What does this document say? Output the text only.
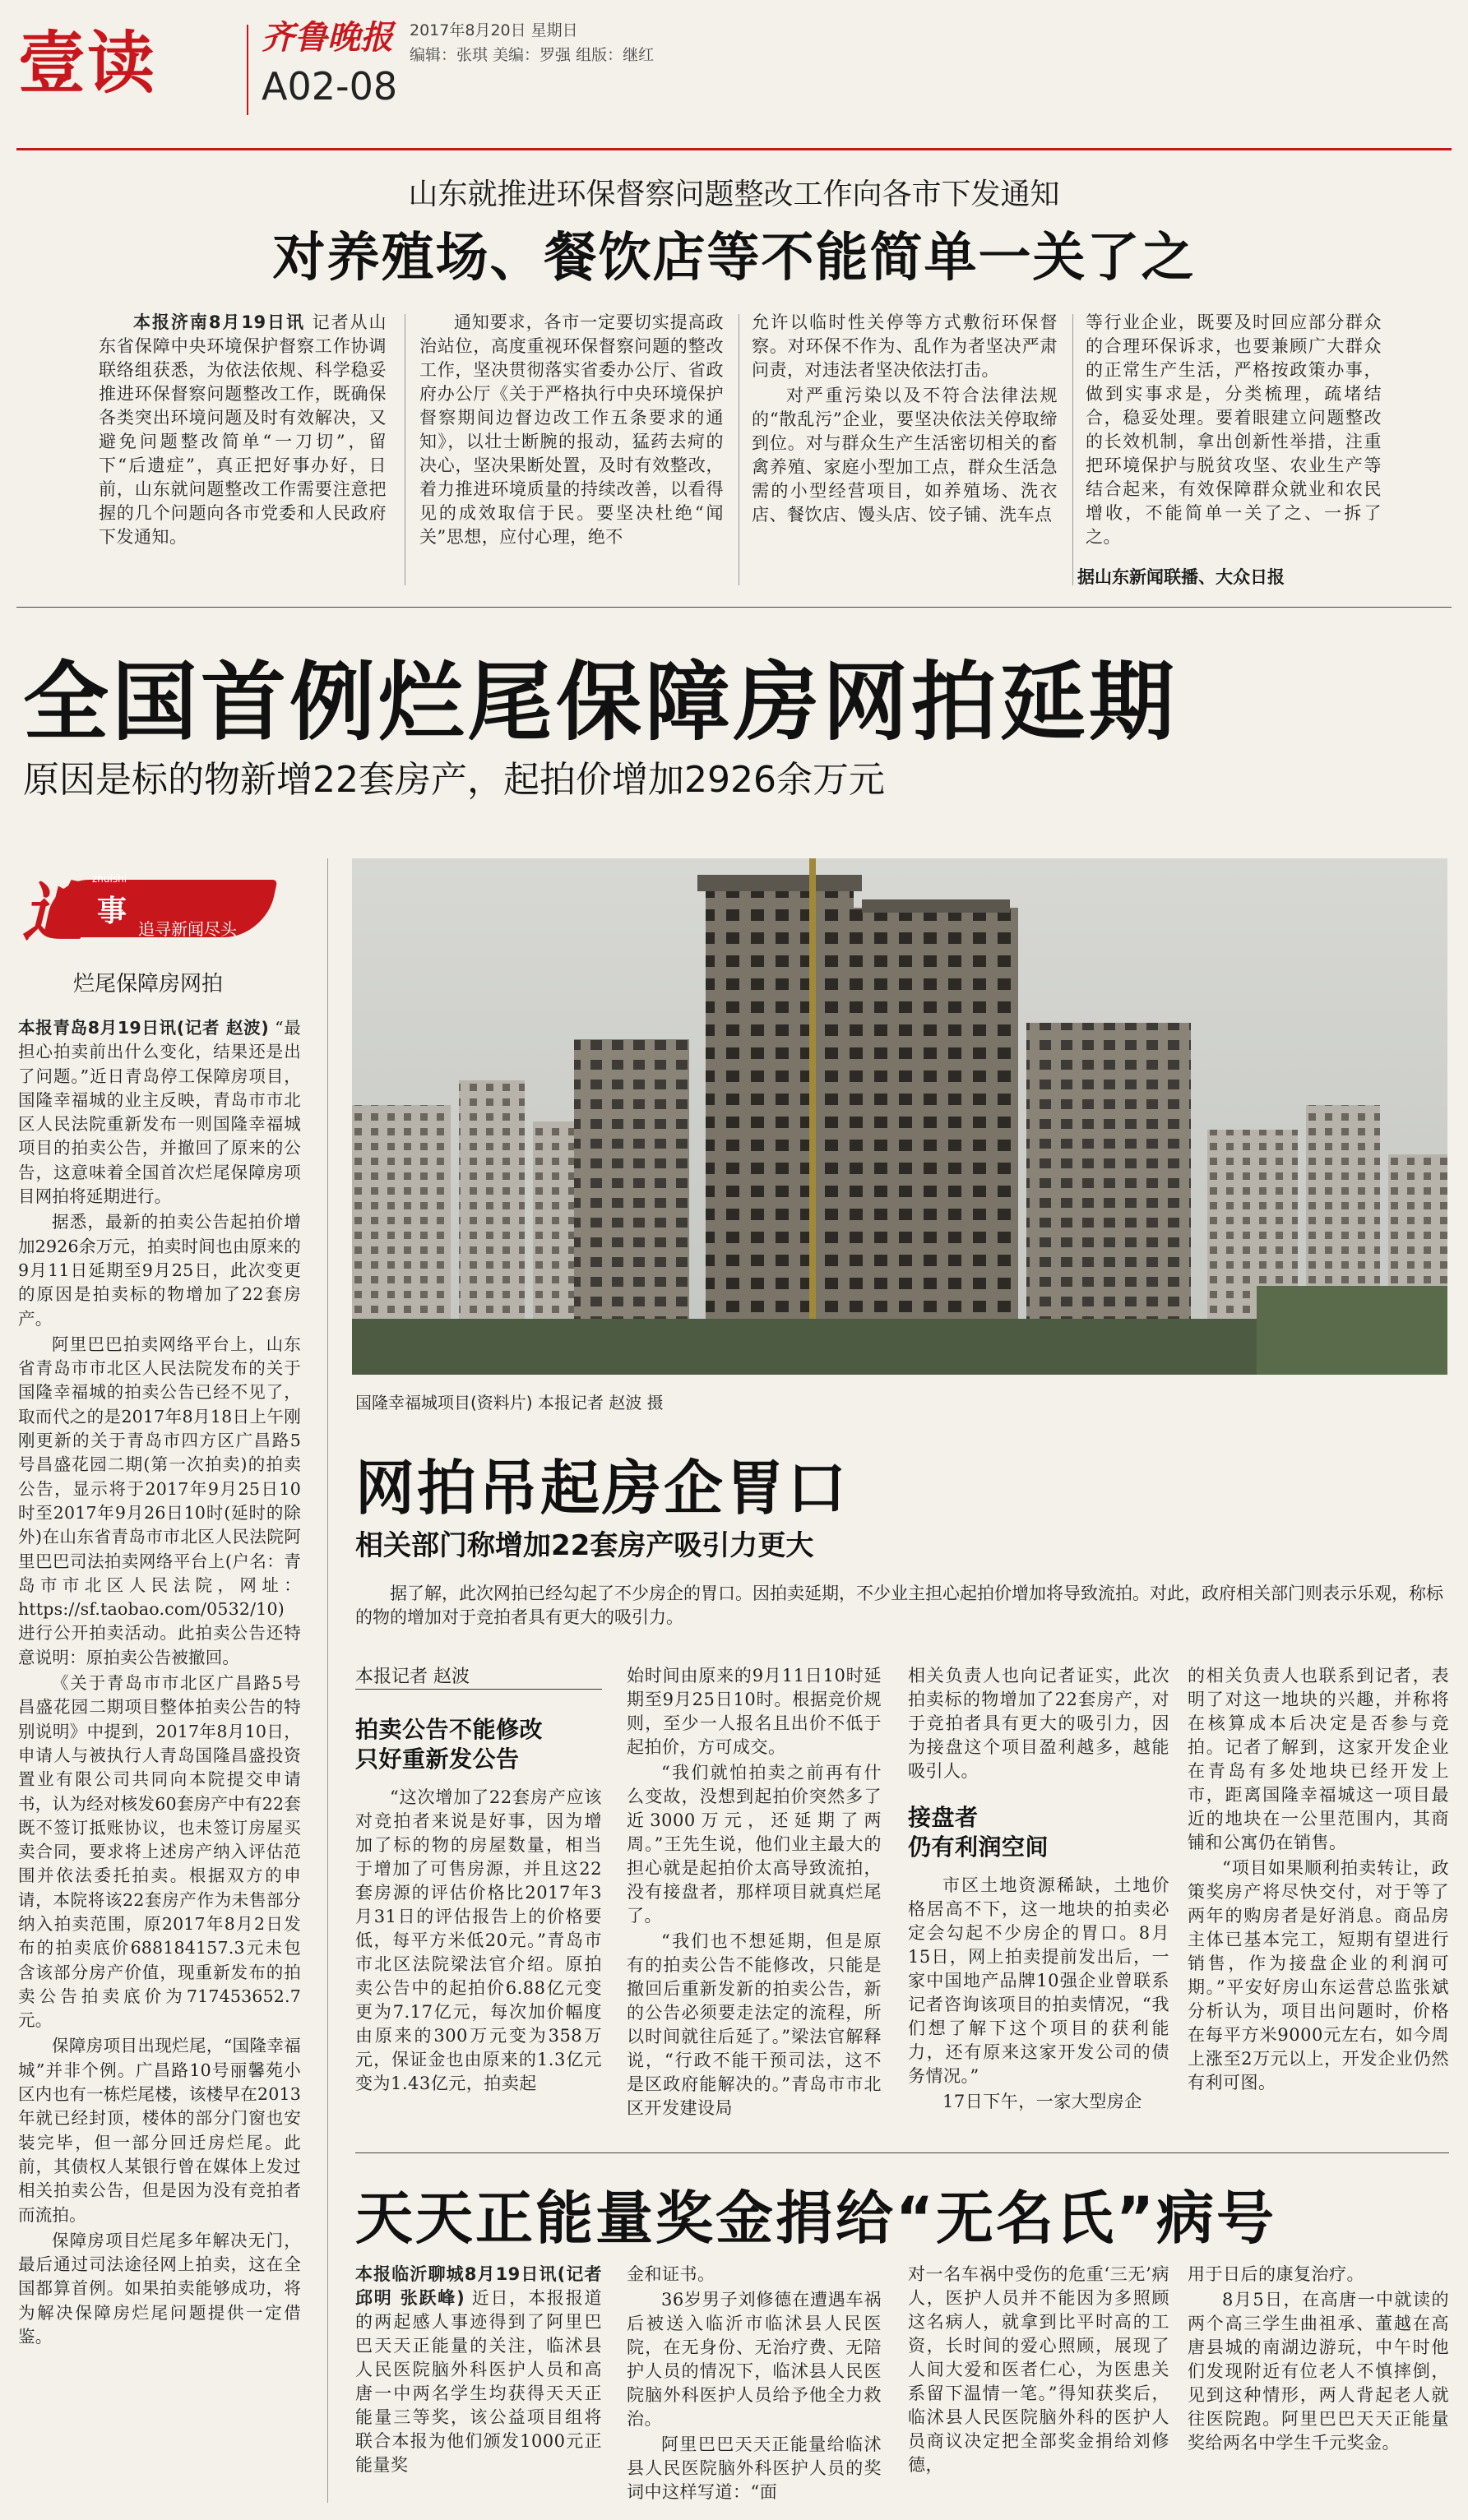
壹读	齐鲁晚报 2017年8月20日 星期日
编辑：张琪 美编：罗强 组版：继红
A02-08
山东就推进环保督察问题整改工作向各市下发通知
对养殖场、餐饮店等不能简单一关了之

本报济南8月19日讯 记者从山东省保障中央环境保护督察工作协调联络组获悉，为依法依规、科学稳妥推进环保督察问题整改工作，既确保各类突出环境问题及时有效解决，又避免问题整改简单“一刀切”，留下“后遗症”，真正把好事办好，日前，山东就问题整改工作需要注意把握的几个问题向各市党委和人民政府下发通知。

通知要求，各市一定要切实提高政治站位，高度重视环保督察问题的整改工作，坚决贯彻落实省委办公厅、省政府办公厅《关于严格执行中央环境保护督察期间边督边改工作五条要求的通知》，以壮士断腕的报动，猛药去疴的决心，坚决果断处置，及时有效整改，着力推进环境质量的持续改善，以看得见的成效取信于民。要坚决杜绝“闻关”思想，应付心理，绝不

允许以临时性关停等方式敷衍环保督察。对环保不作为、乱作为者坚决严肃问责，对违法者坚决依法打击。

对严重污染以及不符合法律法规的“散乱污”企业，要坚决依法关停取缔到位。对与群众生产生活密切相关的畜禽养殖、家庭小型加工点，群众生活急需的小型经营项目，如养殖场、洗衣店、餐饮店、馒头店、饺子铺、洗车点

等行业企业，既要及时回应部分群众的合理环保诉求，也要兼顾广大群众的正常生产生活，严格按政策办事，做到实事求是，分类梳理，疏堵结合，稳妥处理。要着眼建立问题整改的长效机制，拿出创新性举措，注重把环境保护与脱贫攻坚、农业生产等结合起来，有效保障群众就业和农民增收，不能简单一关了之、一拆了之。

据山东新闻联播、大众日报
全国首例烂尾保障房网拍延期
原因是标的物新增22套房产，起拍价增加2926余万元
追 zhuishi
事
追寻新闻尽头
烂尾保障房网拍

本报青岛8月19日讯(记者 赵波) “最担心拍卖前出什么变化，结果还是出了问题。”近日青岛停工保障房项目，国隆幸福城的业主反映，青岛市市北区人民法院重新发布一则国隆幸福城项目的拍卖公告，并撤回了原来的公告，这意味着全国首次烂尾保障房项目网拍将延期进行。

据悉，最新的拍卖公告起拍价增加2926余万元，拍卖时间也由原来的9月11日延期至9月25日，此次变更的原因是拍卖标的物增加了22套房产。

阿里巴巴拍卖网络平台上，山东省青岛市市北区人民法院发布的关于国隆幸福城的拍卖公告已经不见了，取而代之的是2017年8月18日上午刚刚更新的关于青岛市四方区广昌路5号昌盛花园二期(第一次拍卖)的拍卖公告，显示将于2017年9月25日10时至2017年9月26日10时(延时的除外)在山东省青岛市市北区人民法院阿里巴巴司法拍卖网络平台上(户名：青岛市市北区人民法院，网址：https://sf.taobao.com/0532/10)进行公开拍卖活动。此拍卖公告还特意说明：原拍卖公告被撤回。

《关于青岛市市北区广昌路5号昌盛花园二期项目整体拍卖公告的特别说明》中提到，2017年8月10日，申请人与被执行人青岛国隆昌盛投资置业有限公司共同向本院提交申请书，认为经对核发60套房产中有22套既不签订抵账协议，也未签订房屋买卖合同，要求将上述房产纳入评估范围并依法委托拍卖。根据双方的申请，本院将该22套房产作为未售部分纳入拍卖范围，原2017年8月2日发布的拍卖底价688184157.3元未包含该部分房产价值，现重新发布的拍卖公告拍卖底价为717453652.7元。

保障房项目出现烂尾，“国隆幸福城”并非个例。广昌路10号丽馨苑小区内也有一栋烂尾楼，该楼早在2013年就已经封顶，楼体的部分门窗也安装完毕，但一部分回迁房烂尾。此前，其债权人某银行曾在媒体上发过相关拍卖公告，但是因为没有竞拍者而流拍。

保障房项目烂尾多年解决无门，最后通过司法途径网上拍卖，这在全国都算首例。如果拍卖能够成功，将为解决保障房烂尾问题提供一定借鉴。

国隆幸福城项目(资料片) 本报记者 赵波 摄
网拍吊起房企胃口
相关部门称增加22套房产吸引力更大
据了解，此次网拍已经勾起了不少房企的胃口。因拍卖延期，不少业主担心起拍价增加将导致流拍。对此，政府相关部门则表示乐观，称标的物的增加对于竞拍者具有更大的吸引力。
本报记者 赵波
拍卖公告不能修改
只好重新发公告

“这次增加了22套房产应该对竞拍者来说是好事，因为增加了标的物的房屋数量，相当于增加了可售房源，并且这22套房源的评估价格比2017年3月31日的评估报告上的价格要低，每平方米低20元。”青岛市市北区法院梁法官介绍。原拍卖公告中的起拍价6.88亿元变更为7.17亿元，每次加价幅度由原来的300万元变为358万元，保证金也由原来的1.3亿元变为1.43亿元，拍卖起

始时间由原来的9月11日10时延期至9月25日10时。根据竞价规则，至少一人报名且出价不低于起拍价，方可成交。

“我们就怕拍卖之前再有什么变故，没想到起拍价突然多了近3000万元，还延期了两周。”王先生说，他们业主最大的担心就是起拍价太高导致流拍，没有接盘者，那样项目就真烂尾了。

“我们也不想延期，但是原有的拍卖公告不能修改，只能是撤回后重新发新的拍卖公告，新的公告必须要走法定的流程，所以时间就往后延了。”梁法官解释说，“行政不能干预司法，这不是区政府能解决的。”青岛市市北区开发建设局

相关负责人也向记者证实，此次拍卖标的物增加了22套房产，对于竞拍者具有更大的吸引力，因为接盘这个项目盈利越多，越能吸引人。

接盘者
仍有利润空间

市区土地资源稀缺，土地价格居高不下，这一地块的拍卖必定会勾起不少房企的胃口。8月15日，网上拍卖提前发出后，一家中国地产品牌10强企业曾联系记者咨询该项目的拍卖情况，“我们想了解下这个项目的获利能力，还有原来这家开发公司的债务情况。”

17日下午，一家大型房企

的相关负责人也联系到记者，表明了对这一地块的兴趣，并称将在核算成本后决定是否参与竞拍。记者了解到，这家开发企业在青岛有多处地块已经开发上市，距离国隆幸福城这一项目最近的地块在一公里范围内，其商铺和公寓仍在销售。

“项目如果顺利拍卖转让，政策奖房产将尽快交付，对于等了两年的购房者是好消息。商品房主体已基本完工，短期有望进行销售，作为接盘企业的利润可期。”平安好房山东运营总监张斌分析认为，项目出问题时，价格在每平方米9000元左右，如今周上涨至2万元以上，开发企业仍然有利可图。

天天正能量奖金捐给“无名氏”病号

本报临沂聊城8月19日讯(记者 邱明 张跃峰) 近日，本报报道的两起感人事迹得到了阿里巴巴天天正能量的关注，临沭县人民医院脑外科医护人员和高唐一中两名学生均获得天天正能量三等奖，该公益项目组将联合本报为他们颁发1000元正能量奖

金和证书。

36岁男子刘修德在遭遇车祸后被送入临沂市临沭县人民医院，在无身份、无治疗费、无陪护人员的情况下，临沭县人民医院脑外科医护人员给予他全力救治。

阿里巴巴天天正能量给临沭县人民医院脑外科医护人员的奖词中这样写道：“面

对一名车祸中受伤的危重‘三无’病人，医护人员并不能因为多照顾这名病人，就拿到比平时高的工资，长时间的爱心照顾，展现了人间大爱和医者仁心，为医患关系留下温情一笔。”得知获奖后，临沭县人民医院脑外科的医护人员商议决定把全部奖金捐给刘修德，

用于日后的康复治疗。

8月5日，在高唐一中就读的两个高三学生曲祖承、董越在高唐县城的南湖边游玩，中午时他们发现附近有位老人不慎摔倒，见到这种情形，两人背起老人就往医院跑。阿里巴巴天天正能量奖给两名中学生千元奖金。
